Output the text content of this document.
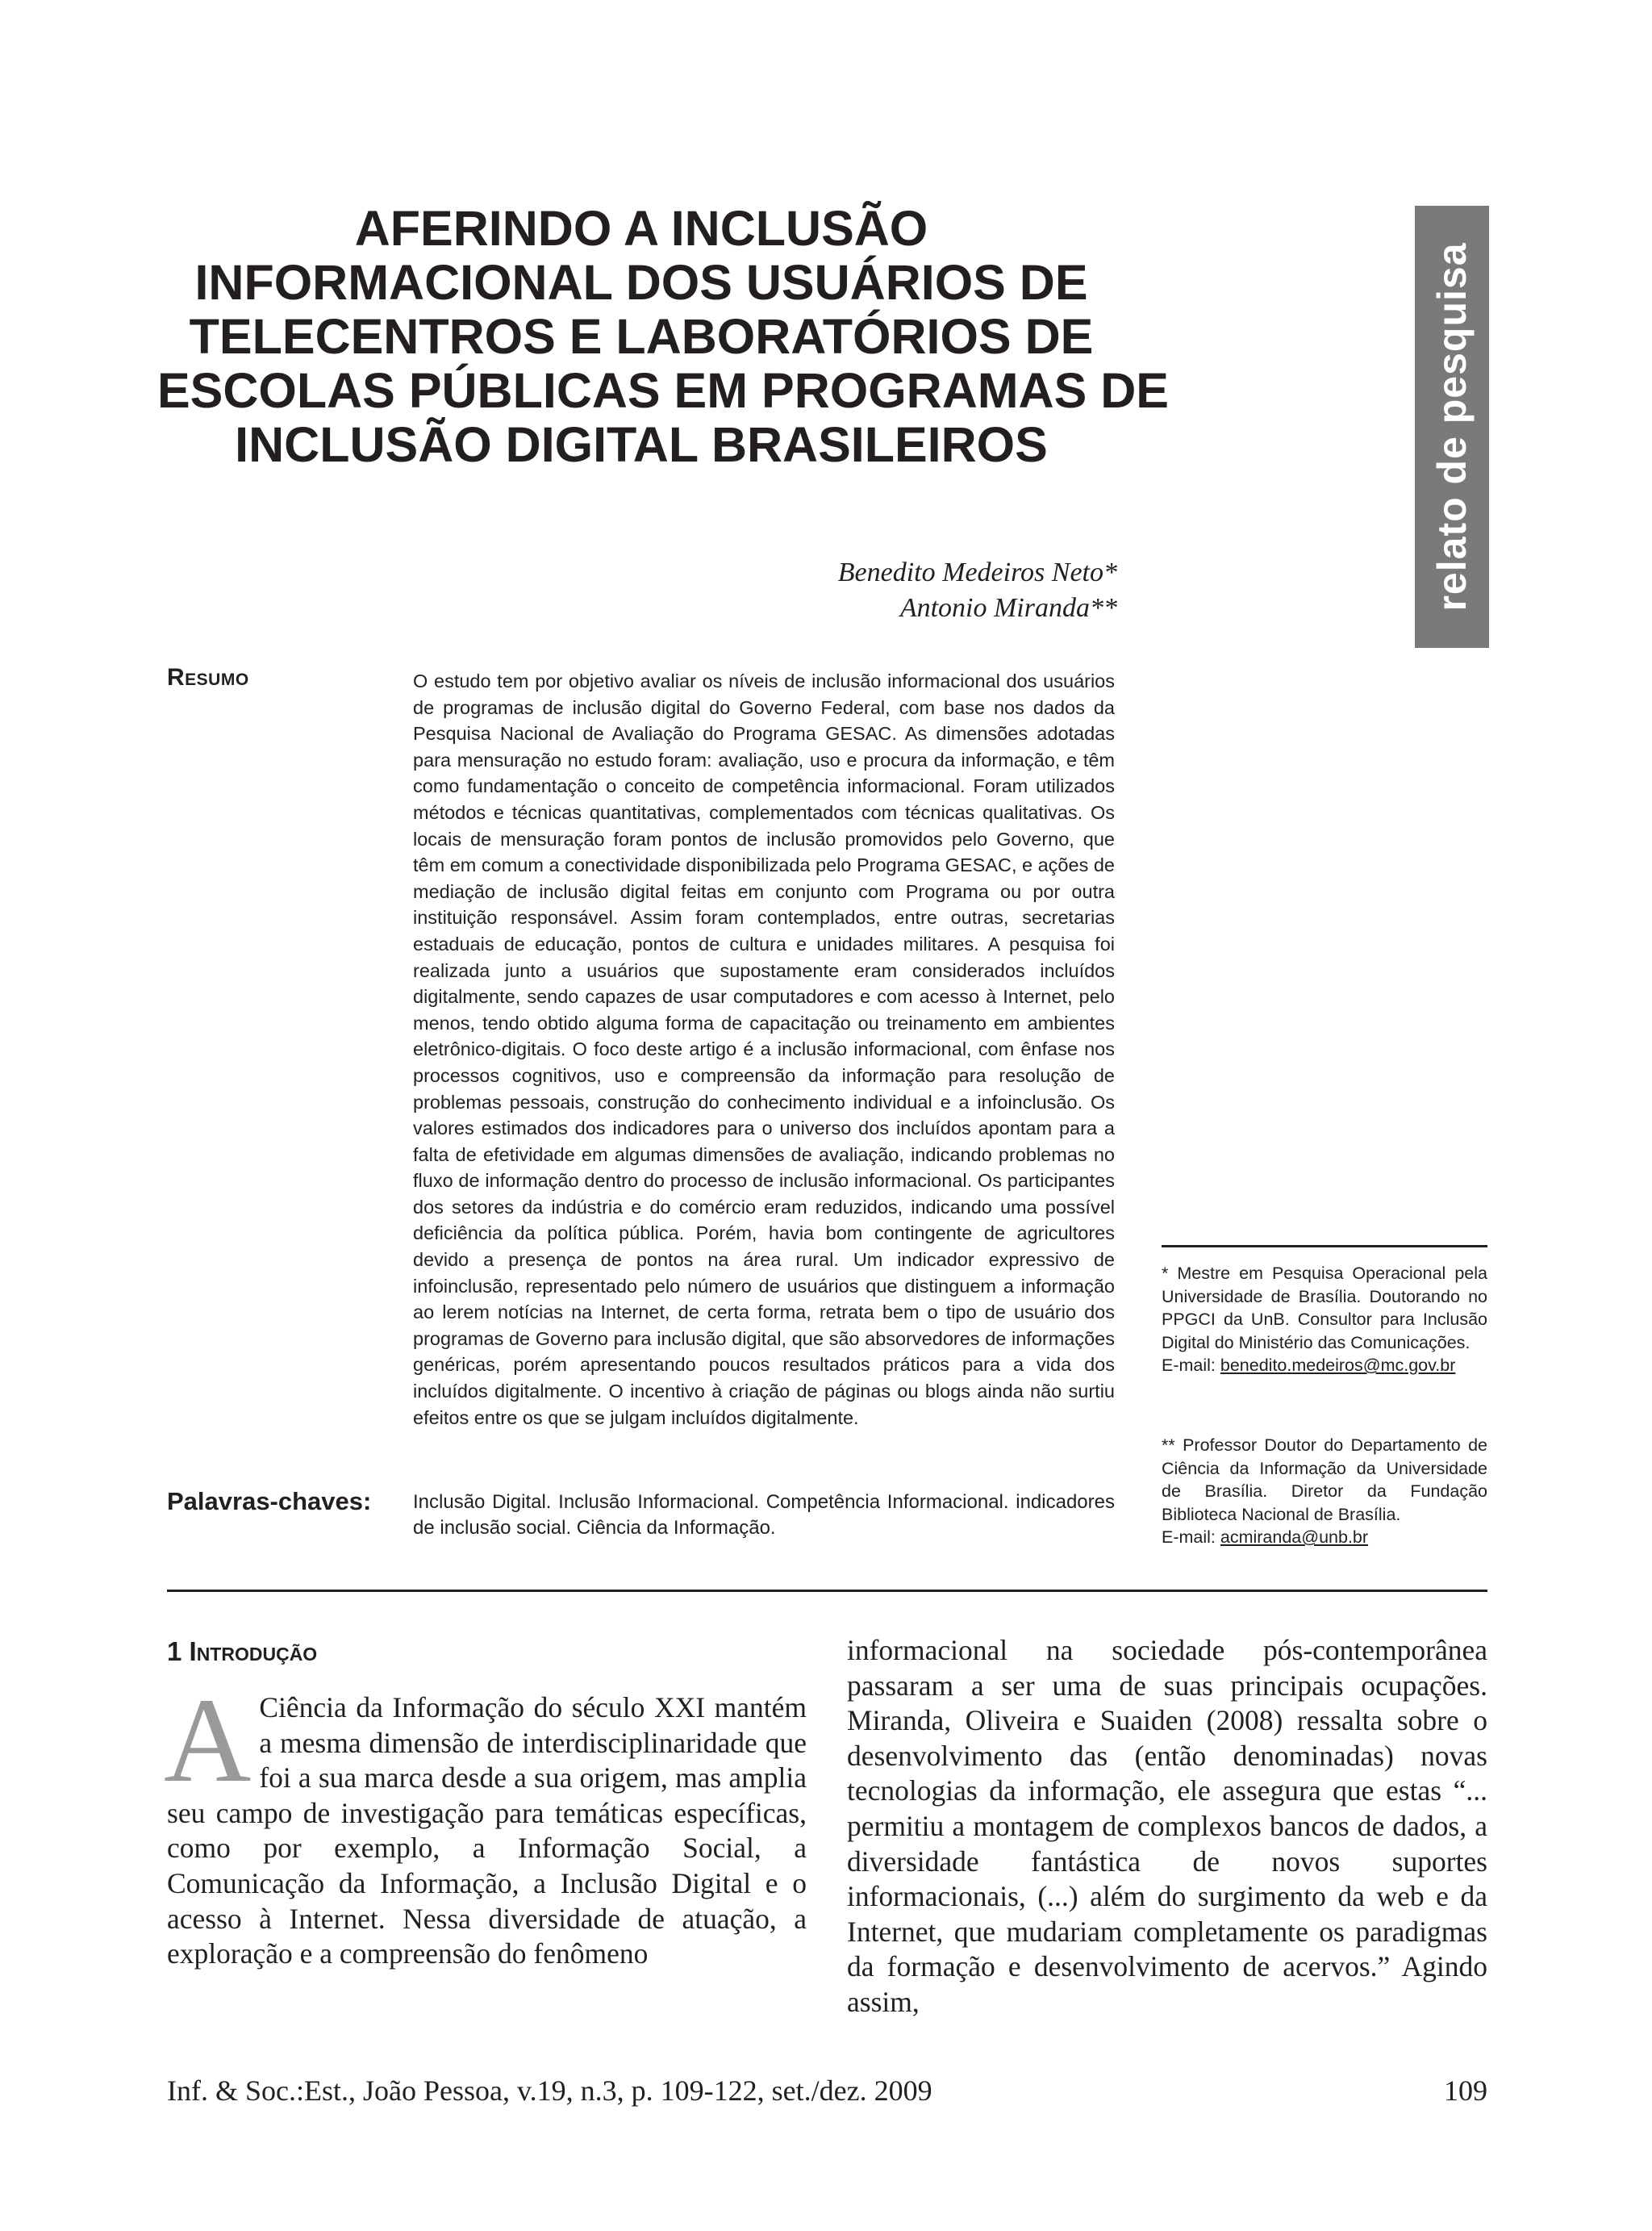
AFERINDO A INCLUSÃO
INFORMACIONAL DOS USUÁRIOS DE
TELECENTROS E LABORATÓRIOS DE
ESCOLAS PÚBLICAS EM PROGRAMAS DE
INCLUSÃO DIGITAL BRASILEIROS	relato de pesquisa
Benedito Medeiros Neto*
Antonio Miranda**
Resumo	O estudo tem por objetivo avaliar os níveis de inclusão informacional dos usuários de programas de inclusão digital do Governo Federal, com base nos dados da Pesquisa Nacional de Avaliação do Programa GESAC. As dimensões adotadas para mensuração no estudo foram: avaliação, uso e procura da informação, e têm como fundamentação o conceito de competência informacional. Foram utilizados métodos e técnicas quantitativas, complementados com técnicas qualitativas. Os locais de mensuração foram pontos de inclusão promovidos pelo Governo, que têm em comum a conectividade disponibilizada pelo Programa GESAC, e ações de mediação de inclusão digital feitas em conjunto com Programa ou por outra instituição responsável. Assim foram contemplados, entre outras, secretarias estaduais de educação, pontos de cultura e unidades militares. A pesquisa foi realizada junto a usuários que supostamente eram considerados incluídos digitalmente, sendo capazes de usar computadores e com acesso à Internet, pelo menos, tendo obtido alguma forma de capacitação ou treinamento em ambientes eletrônico-digitais. O foco deste artigo é a inclusão informacional, com ênfase nos processos cognitivos, uso e compreensão da informação para resolução de problemas pessoais, construção do conhecimento individual e a infoinclusão. Os valores estimados dos indicadores para o universo dos incluídos apontam para a falta de efetividade em algumas dimensões de avaliação, indicando problemas no fluxo de informação dentro do processo de inclusão informacional. Os participantes dos setores da indústria e do comércio eram reduzidos, indicando uma possível deficiência da política pública. Porém, havia bom contingente de agricultores devido a presença de pontos na área rural. Um indicador expressivo de infoinclusão, representado pelo número de usuários que distinguem a informação ao lerem notícias na Internet, de certa forma, retrata bem o tipo de usuário dos programas de Governo para inclusão digital, que são absorvedores de informações genéricas, porém apresentando poucos resultados práticos para a vida dos incluídos digitalmente. O incentivo à criação de páginas ou blogs ainda não surtiu efeitos entre os que se julgam incluídos digitalmente.
Palavras-chaves: Inclusão Digital. Inclusão Informacional. Competência Informacional. indicadores de inclusão social. Ciência da Informação.
* Mestre em Pesquisa Operacional pela Universidade de Brasília. Doutorando no PPGCI da UnB. Consultor para Inclusão Digital do Ministério das Comunicações.
E-mail: benedito.medeiros@mc.gov.br
** Professor Doutor do Departamento de Ciência da Informação da Universidade de Brasília. Diretor da Fundação Biblioteca Nacional de Brasília.
E-mail: acmiranda@unb.br
1 Introdução
A Ciência da Informação do século XXI mantém a mesma dimensão de interdisciplinaridade que foi a sua marca desde a sua origem, mas amplia seu campo de investigação para temáticas específicas, como por exemplo, a Informação Social, a Comunicação da Informação, a Inclusão Digital e o acesso à Internet. Nessa diversidade de atuação, a exploração e a compreensão do fenômeno
informacional na sociedade pós-contemporânea passaram a ser uma de suas principais ocupações. Miranda, Oliveira e Suaiden (2008) ressalta sobre o desenvolvimento das (então denominadas) novas tecnologias da informação, ele assegura que estas “... permitiu a montagem de complexos bancos de dados, a diversidade fantástica de novos suportes informacionais, (...) além do surgimento da web e da Internet, que mudariam completamente os paradigmas da formação e desenvolvimento de acervos.” Agindo assim,
Inf. & Soc.:Est., João Pessoa, v.19, n.3, p. 109-122, set./dez. 2009	109
